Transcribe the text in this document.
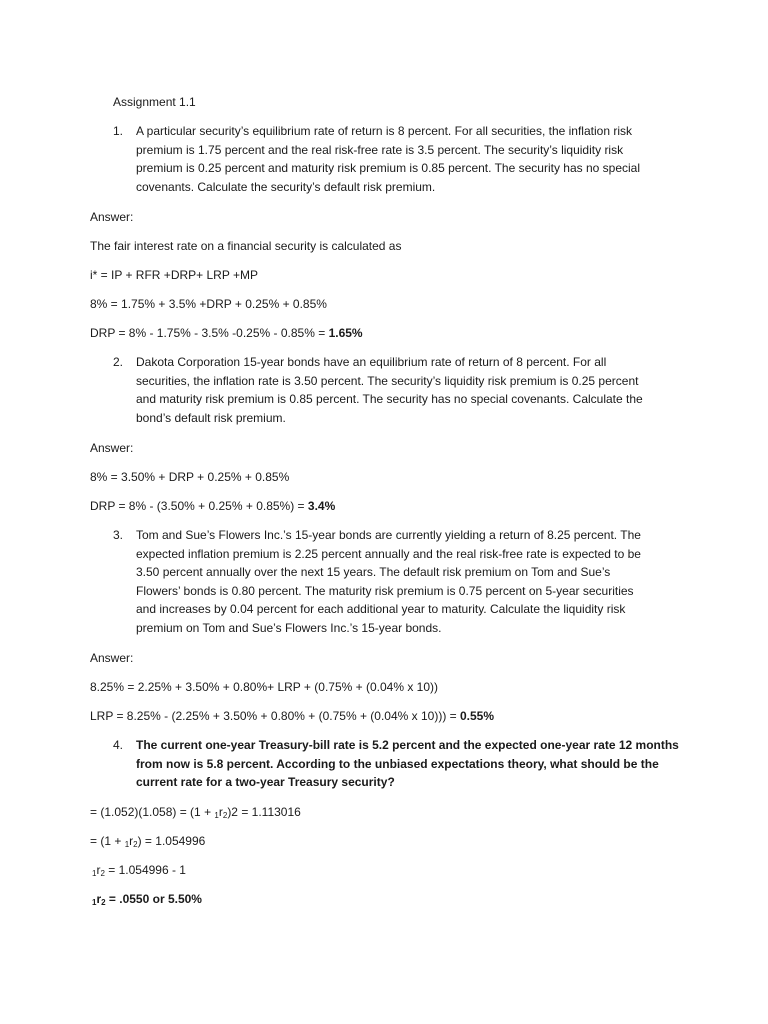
Assignment 1.1
1. A particular security’s equilibrium rate of return is 8 percent. For all securities, the inflation risk

premium is 1.75 percent and the real risk-free rate is 3.5 percent. The security’s liquidity risk

premium is 0.25 percent and maturity risk premium is 0.85 percent. The security has no special

covenants. Calculate the security’s default risk premium.

Answer:
The fair interest rate on a financial security is calculated as
i* = IP + RFR +DRP+ LRP +MP
8% = 1.75% + 3.5% +DRP + 0.25% + 0.85%
DRP = 8% - 1.75% - 3.5% -0.25% - 0.85% = 1.65%
2. Dakota Corporation 15-year bonds have an equilibrium rate of return of 8 percent. For all

securities, the inflation rate is 3.50 percent. The security’s liquidity risk premium is 0.25 percent

and maturity risk premium is 0.85 percent. The security has no special covenants. Calculate the

bond’s default risk premium.

Answer:
8% = 3.50% + DRP + 0.25% + 0.85%
DRP = 8% - (3.50% + 0.25% + 0.85%) = 3.4%
3. Tom and Sue’s Flowers Inc.’s 15-year bonds are currently yielding a return of 8.25 percent. The

expected inflation premium is 2.25 percent annually and the real risk-free rate is expected to be

3.50 percent annually over the next 15 years. The default risk premium on Tom and Sue’s

Flowers’ bonds is 0.80 percent. The maturity risk premium is 0.75 percent on 5-year securities

and increases by 0.04 percent for each additional year to maturity. Calculate the liquidity risk

premium on Tom and Sue’s Flowers Inc.’s 15-year bonds.

Answer:
8.25% = 2.25% + 3.50% + 0.80%+ LRP + (0.75% + (0.04% x 10))
LRP = 8.25% - (2.25% + 3.50% + 0.80% + (0.75% + (0.04% x 10))) = 0.55%
4. The current one-year Treasury-bill rate is 5.2 percent and the expected one-year rate 12 months

from now is 5.8 percent. According to the unbiased expectations theory, what should be the

current rate for a two-year Treasury security?

= $(1.052)(1.058) = (1 + _1r_2)2 = 1.113016$
= $(1 + _1r_2) = 1.054996$
$_1r_2 = 1.054996 - 1$
$_1r_2 = .0550$ or 5.50%
